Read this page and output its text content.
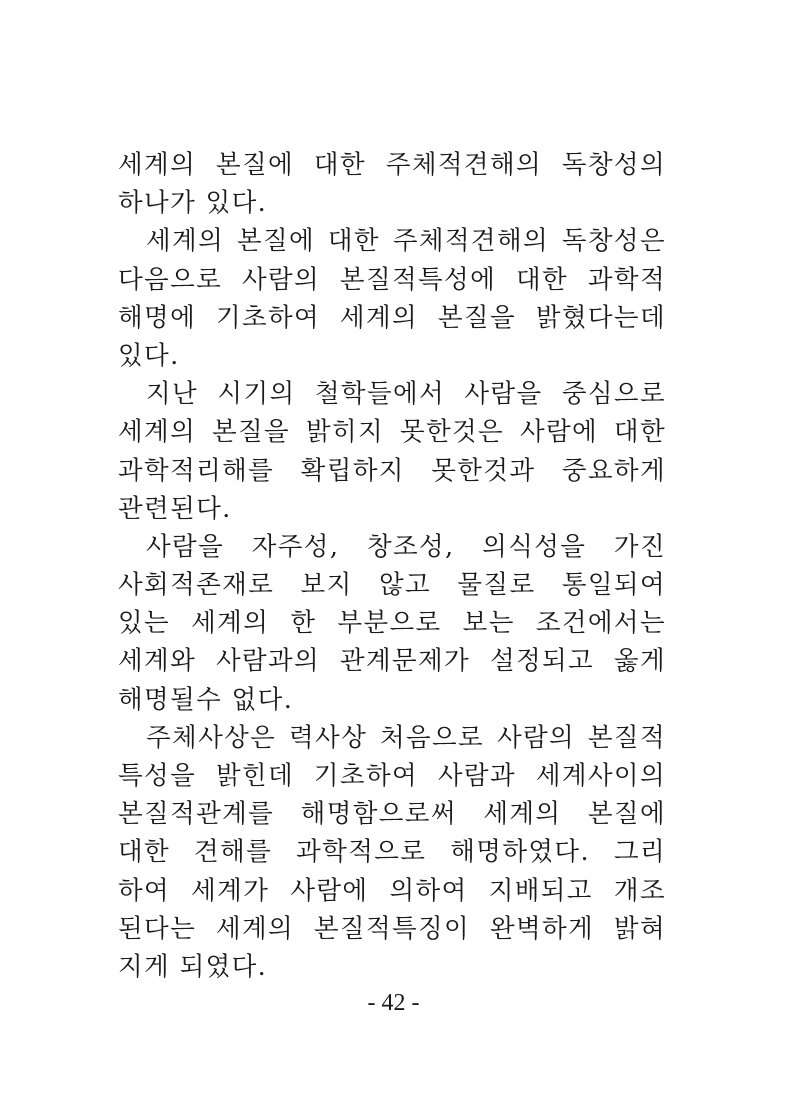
세계의 본질에 대한 주체적견해의 독창성의
하나가 있다.
세계의 본질에 대한 주체적견해의 독창성은
다음으로 사람의 본질적특성에 대한 과학적
해명에 기초하여 세계의 본질을 밝혔다는데
있다.
지난 시기의 철학들에서 사람을 중심으로
세계의 본질을 밝히지 못한것은 사람에 대한
과학적리해를 확립하지 못한것과 중요하게
관련된다.
사람을 자주성, 창조성, 의식성을 가진
사회적존재로 보지 않고 물질로 통일되여
있는 세계의 한 부분으로 보는 조건에서는
세계와 사람과의 관계문제가 설정되고 옳게
해명될수 없다.
주체사상은 력사상 처음으로 사람의 본질적
특성을 밝힌데 기초하여 사람과 세계사이의
본질적관계를 해명함으로써 세계의 본질에
대한 견해를 과학적으로 해명하였다. 그리
하여 세계가 사람에 의하여 지배되고 개조
된다는 세계의 본질적특징이 완벽하게 밝혀
지게 되였다.
- 42 -
